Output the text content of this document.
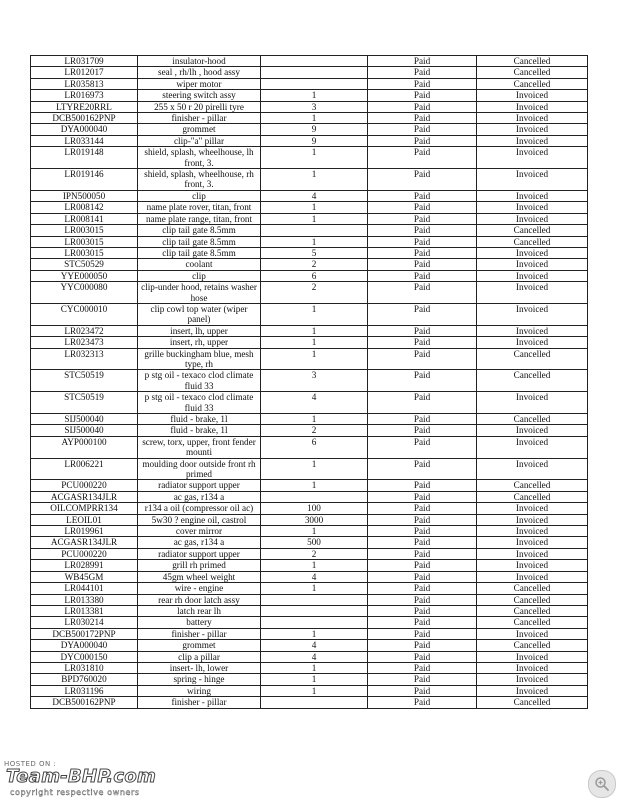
LR031709	insulator-hood		Paid	Cancelled
LR012017	seal , rh/lh , hood assy		Paid	Cancelled
LR035813	wiper motor		Paid	Cancelled
LR016973	steering switch assy	1	Paid	Invoiced
LTYRE20RRL	255 x 50 r 20 pirelli tyre	3	Paid	Invoiced
DCB500162PNP	finisher - pillar	1	Paid	Invoiced
DYA000040	grommet	9	Paid	Invoiced
LR033144	clip-"a" pillar	9	Paid	Invoiced
LR019148	shield, splash, wheelhouse, lh front, 3.	1	Paid	Invoiced
LR019146	shield, splash, wheelhouse, rh front, 3.	1	Paid	Invoiced
IPN500050	clip	4	Paid	Invoiced
LR008142	name plate rover, titan, front	1	Paid	Invoiced
LR008141	name plate range, titan, front	1	Paid	Invoiced
LR003015	clip tail gate 8.5mm		Paid	Cancelled
LR003015	clip tail gate 8.5mm	1	Paid	Cancelled
LR003015	clip tail gate 8.5mm	5	Paid	Invoiced
STC50529	coolant	2	Paid	Invoiced
YYE000050	clip	6	Paid	Invoiced
YYC000080	clip-under hood, retains washer hose	2	Paid	Invoiced
CYC000010	clip cowl top water (wiper panel)	1	Paid	Invoiced
LR023472	insert, lh, upper	1	Paid	Invoiced
LR023473	insert, rh, upper	1	Paid	Invoiced
LR032313	grille buckingham blue, mesh type, rh	1	Paid	Cancelled
STC50519	p stg oil - texaco clod climate fluid 33	3	Paid	Cancelled
STC50519	p stg oil - texaco clod climate fluid 33	4	Paid	Invoiced
SIJ500040	fluid - brake, 1l	1	Paid	Cancelled
SIJ500040	fluid - brake, 1l	2	Paid	Invoiced
AYP000100	screw, torx, upper, front fender mounti	6	Paid	Invoiced
LR006221	moulding door outside front rh primed	1	Paid	Invoiced
PCU000220	radiator support upper	1	Paid	Cancelled
ACGASR134JLR	ac gas, r134 a		Paid	Cancelled
OILCOMPRR134	r134 a oil (compressor oil ac)	100	Paid	Invoiced
LEOIL01	5w30 ? engine oil, castrol	3000	Paid	Invoiced
LR019961	cover mirror	1	Paid	Invoiced
ACGASR134JLR	ac gas, r134 a	500	Paid	Invoiced
PCU000220	radiator support upper	2	Paid	Invoiced
LR028991	grill rh primed	1	Paid	Invoiced
WB45GM	45gm wheel weight	4	Paid	Invoiced
LR044101	wire - engine	1	Paid	Cancelled
LR013380	rear rh door latch assy		Paid	Cancelled
LR013381	latch rear lh		Paid	Cancelled
LR030214	battery		Paid	Cancelled
DCB500172PNP	finisher - pillar	1	Paid	Invoiced
DYA000040	grommet	4	Paid	Cancelled
DYC000150	clip a pillar	4	Paid	Invoiced
LR031810	insert- lh, lower	1	Paid	Invoiced
BPD760020	spring - hinge	1	Paid	Invoiced
LR031196	wiring	1	Paid	Invoiced
DCB500162PNP	finisher - pillar		Paid	Cancelled
HOSTED ON :
Team-BHP.com
copyright respective owners
